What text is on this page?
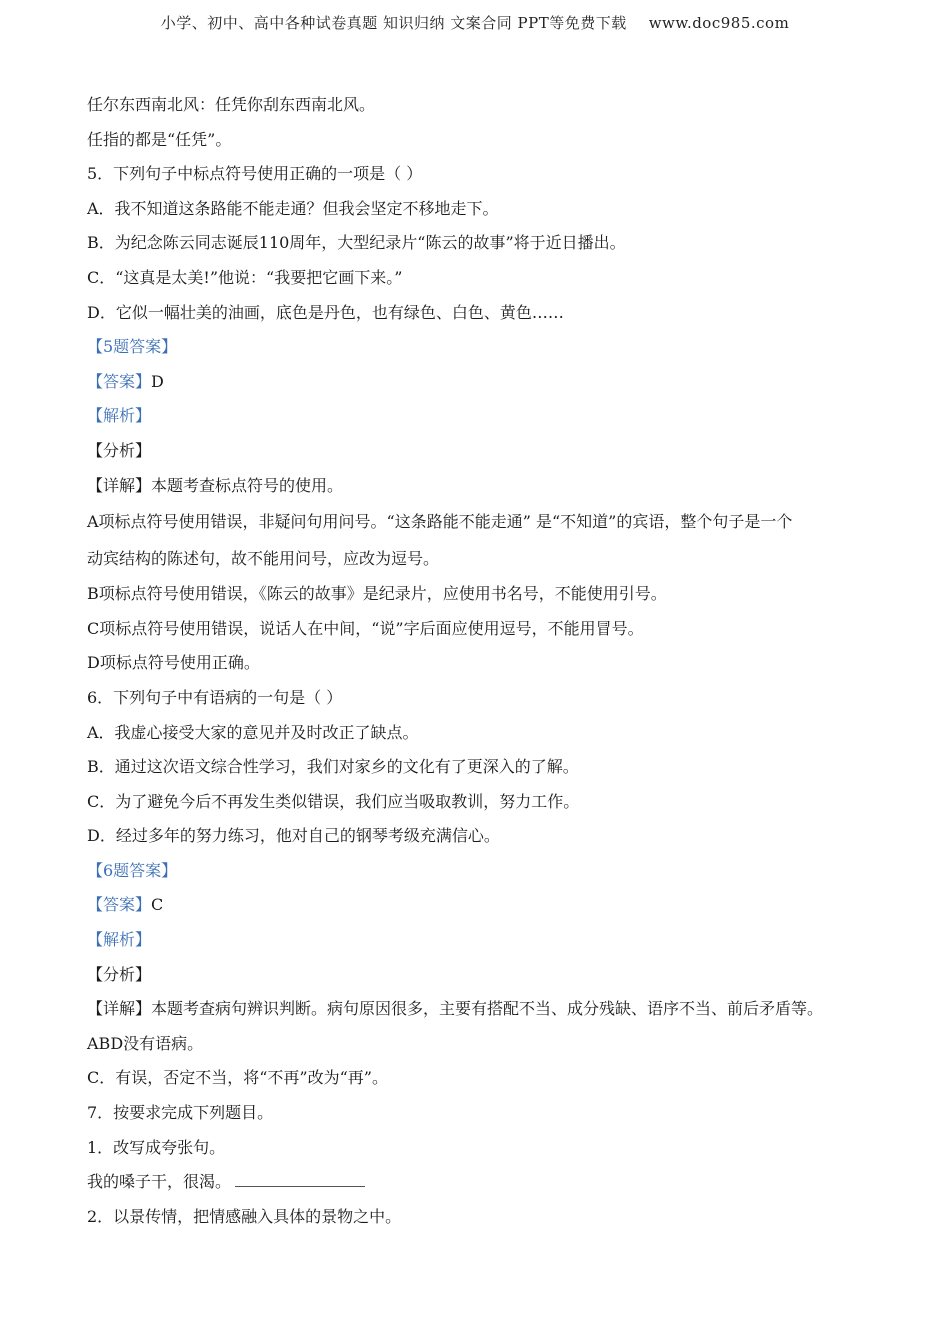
小学、初中、高中各种试卷真题 知识归纳 文案合同 PPT等免费下载 www.doc985.com
任尔东西南北风：任凭你刮东西南北风。
任指的都是“任凭”。
5．下列句子中标点符号使用正确的一项是（ ）
A．我不知道这条路能不能走通？但我会坚定不移地走下。
B．为纪念陈云同志诞辰110周年，大型纪录片“陈云的故事”将于近日播出。
C．“这真是太美!”他说：“我要把它画下来。”
D．它似一幅壮美的油画，底色是丹色，也有绿色、白色、黄色……
【5题答案】
【答案】D
【解析】
【分析】
【详解】本题考查标点符号的使用。
A项标点符号使用错误，非疑问句用问号。“这条路能不能走通” 是“不知道”的宾语，整个句子是一个
动宾结构的陈述句，故不能用问号，应改为逗号。
B项标点符号使用错误，《陈云的故事》是纪录片，应使用书名号，不能使用引号。
C项标点符号使用错误，说话人在中间，“说”字后面应使用逗号，不能用冒号。
D项标点符号使用正确。
6．下列句子中有语病的一句是（ ）
A．我虚心接受大家的意见并及时改正了缺点。
B．通过这次语文综合性学习，我们对家乡的文化有了更深入的了解。
C．为了避免今后不再发生类似错误，我们应当吸取教训，努力工作。
D．经过多年的努力练习，他对自己的钢琴考级充满信心。
【6题答案】
【答案】C
【解析】
【分析】
【详解】本题考查病句辨识判断。病句原因很多，主要有搭配不当、成分残缺、语序不当、前后矛盾等。
ABD没有语病。
C．有误，否定不当，将“不再”改为“再”。
7．按要求完成下列题目。
1．改写成夸张句。
我的嗓子干，很渴。
2．以景传情，把情感融入具体的景物之中。
